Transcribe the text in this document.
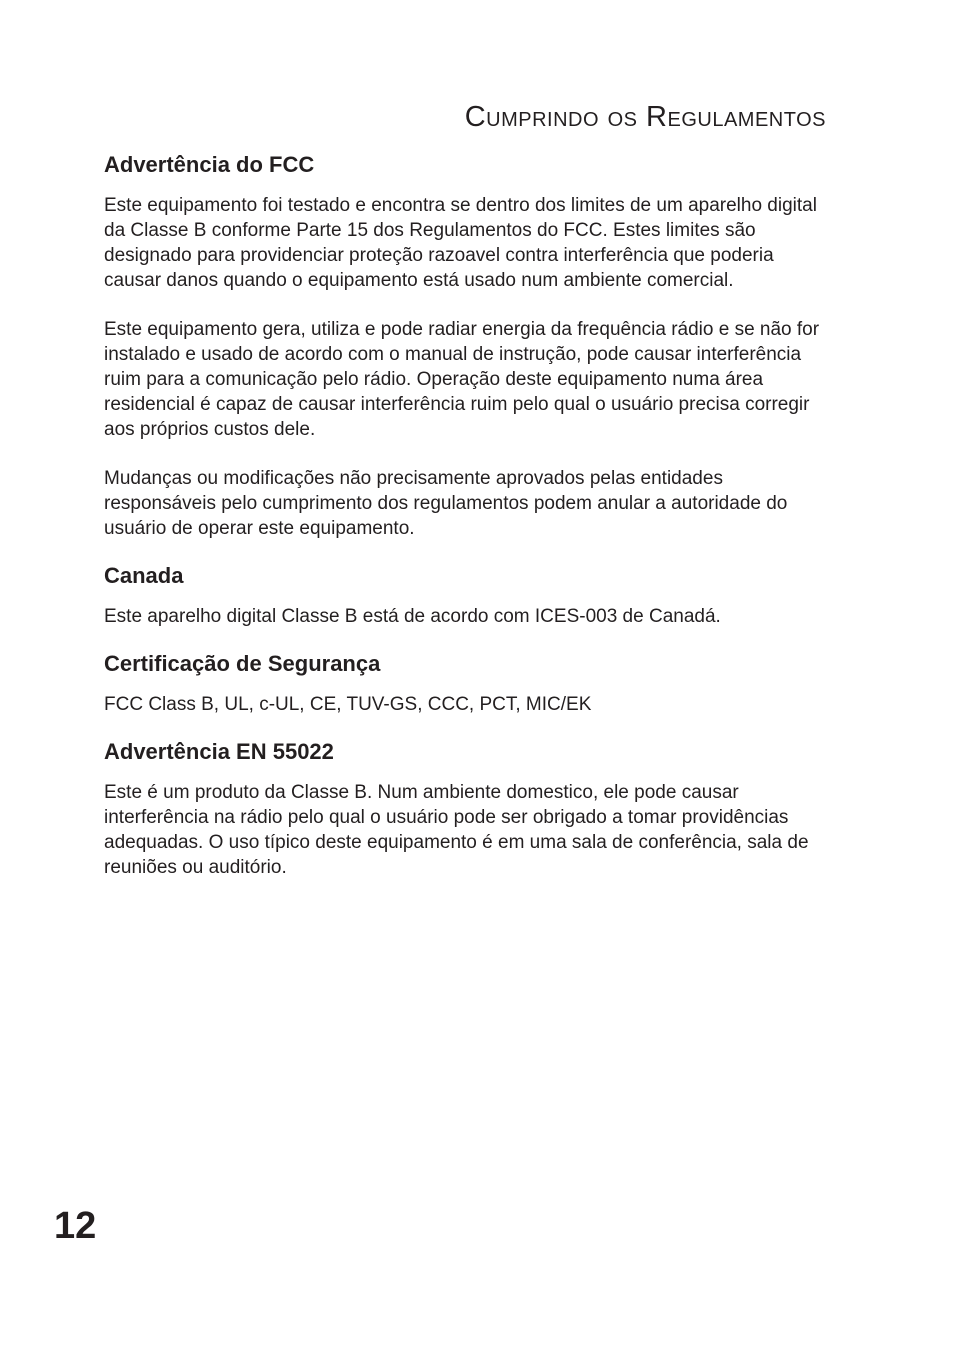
Cumprindo os Regulamentos
Advertência do FCC

Este equipamento foi testado e encontra se dentro dos limites de um aparelho digital da Classe B conforme Parte 15 dos Regulamentos do FCC. Estes limites são designado para providenciar proteção razoavel contra interferência que poderia causar danos quando o equipamento está usado num ambiente comercial.

Este equipamento gera, utiliza e pode radiar energia da frequência rádio e se não for instalado e usado de acordo com o manual de instrução, pode causar interferência ruim para a comunicação pelo rádio. Operação deste equipamento numa área residencial é capaz de causar interferência ruim pelo qual o usuário precisa corregir aos próprios custos dele.

Mudanças ou modificações não precisamente aprovados pelas entidades responsáveis pelo cumprimento dos regulamentos podem anular a autoridade do usuário de operar este equipamento.

Canada

Este aparelho digital Classe B está de acordo com ICES-003 de Canadá.

Certificação de Segurança

FCC Class B, UL, c-UL, CE, TUV-GS, CCC, PCT, MIC/EK

Advertência EN 55022

Este é um produto da Classe B. Num ambiente domestico, ele pode causar interferência na rádio pelo qual o usuário pode ser obrigado a tomar providências adequadas. O uso típico deste equipamento é em uma sala de conferência, sala de reuniões ou auditório.

12
